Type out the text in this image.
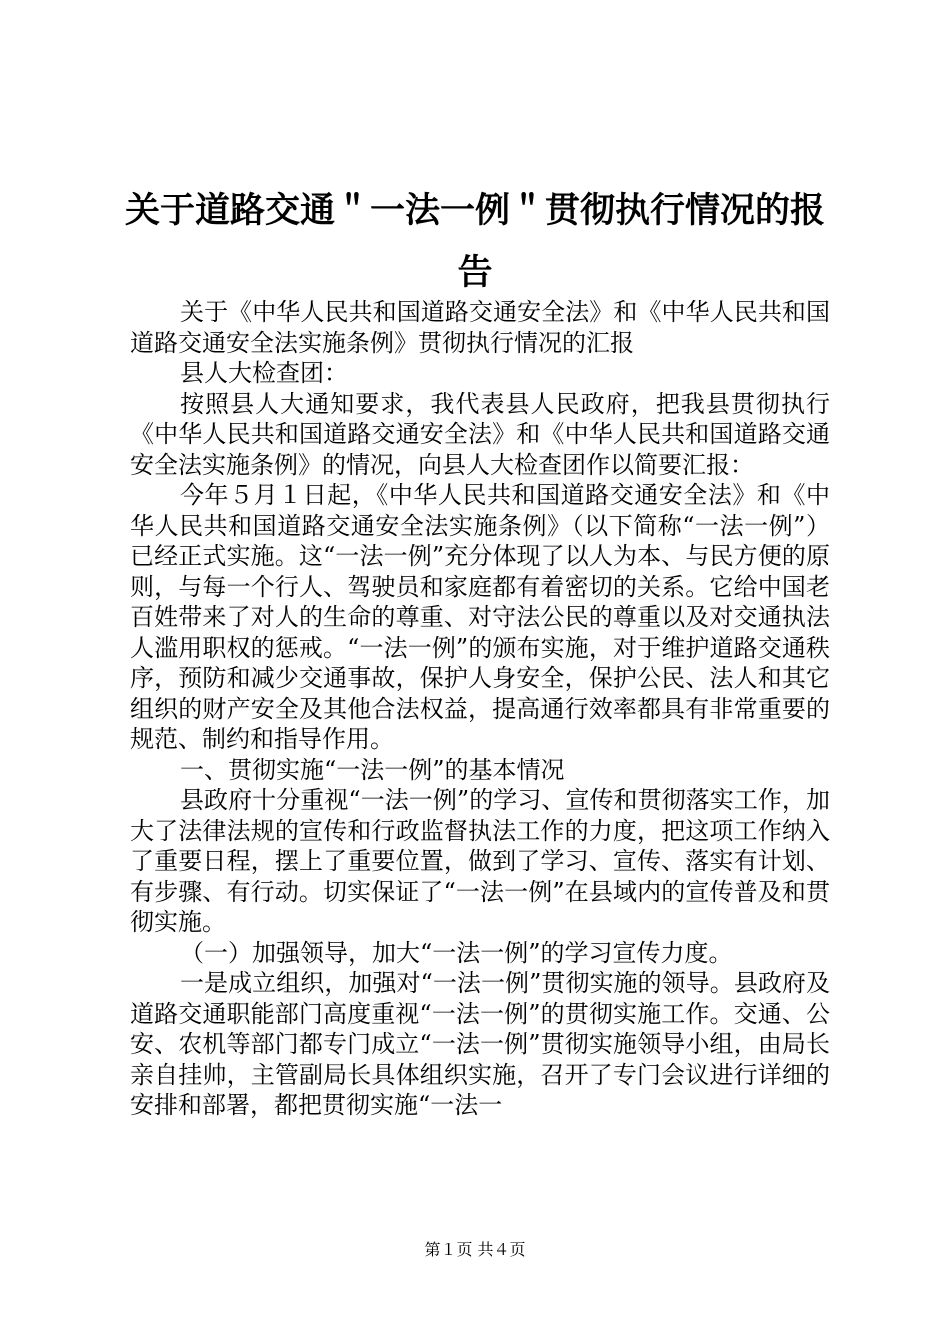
关于道路交通＂一法一例＂贯彻执行情况的报告

关于《中华人民共和国道路交通安全法》和《中华人民共和国道路交通安全法实施条例》贯彻执行情况的汇报

县人大检查团：

按照县人大通知要求，我代表县人民政府，把我县贯彻执行《中华人民共和国道路交通安全法》和《中华人民共和国道路交通安全法实施条例》的情况，向县人大检查团作以简要汇报：

今年５月１日起，《中华人民共和国道路交通安全法》和《中华人民共和国道路交通安全法实施条例》（以下简称“一法一例”）已经正式实施。这“一法一例”充分体现了以人为本、与民方便的原则，与每一个行人、驾驶员和家庭都有着密切的关系。它给中国老百姓带来了对人的生命的尊重、对守法公民的尊重以及对交通执法人滥用职权的惩戒。“一法一例”的颁布实施，对于维护道路交通秩序，预防和减少交通事故，保护人身安全，保护公民、法人和其它组织的财产安全及其他合法权益，提高通行效率都具有非常重要的规范、制约和指导作用。

一、贯彻实施“一法一例”的基本情况

县政府十分重视“一法一例”的学习、宣传和贯彻落实工作，加大了法律法规的宣传和行政监督执法工作的力度，把这项工作纳入了重要日程，摆上了重要位置，做到了学习、宣传、落实有计划、有步骤、有行动。切实保证了“一法一例”在县域内的宣传普及和贯彻实施。

（一）加强领导，加大“一法一例”的学习宣传力度。

一是成立组织，加强对“一法一例”贯彻实施的领导。县政府及道路交通职能部门高度重视“一法一例”的贯彻实施工作。交通、公安、农机等部门都专门成立“一法一例”贯彻实施领导小组，由局长亲自挂帅，主管副局长具体组织实施，召开了专门会议进行详细的安排和部署，都把贯彻实施“一法一

第１页 共４页
